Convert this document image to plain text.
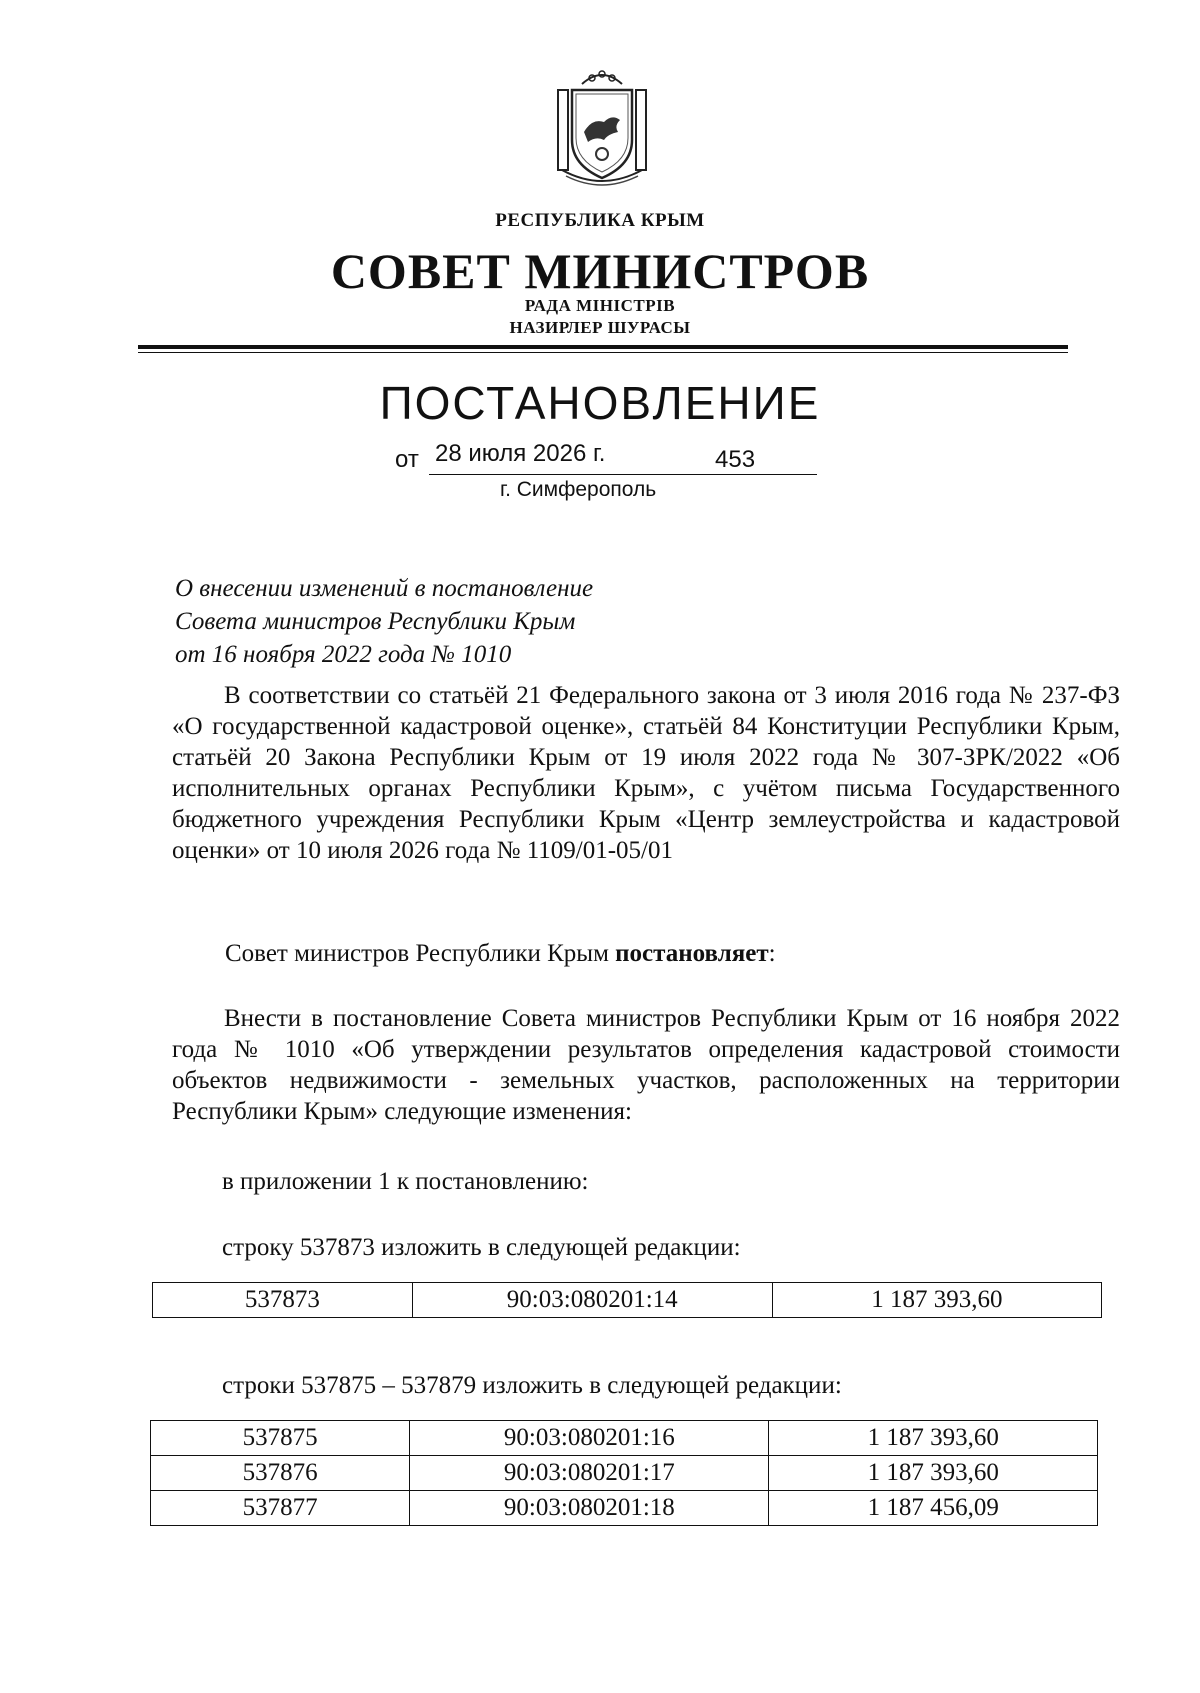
РЕСПУБЛИКА КРЫМ
СОВЕТ МИНИСТРОВ
РАДА МІНІСТРІВ
НАЗИРЛЕР ШУРАСЫ
ПОСТАНОВЛЕНИЕ
от 28 июля 2026 г.	453
г. Симферополь
О внесении изменений в постановление
Совета министров Республики Крым
от 16 ноября 2022 года № 1010
В соответствии со статьёй 21 Федерального закона от 3 июля 2016 года № 237-ФЗ «О государственной кадастровой оценке», статьёй 84 Конституции Республики Крым, статьёй 20 Закона Республики Крым от 19 июля 2022 года № 307-ЗРК/2022 «Об исполнительных органах Республики Крым», с учётом письма Государственного бюджетного учреждения Республики Крым «Центр землеустройства и кадастровой оценки» от 10 июля 2026 года № 1109/01-05/01
Совет министров Республики Крым постановляет:
Внести в постановление Совета министров Республики Крым от 16 ноября 2022 года № 1010 «Об утверждении результатов определения кадастровой стоимости объектов недвижимости - земельных участков, расположенных на территории Республики Крым» следующие изменения:
в приложении 1 к постановлению:
строку 537873 изложить в следующей редакции:
537873	90:03:080201:14	1 187 393,60
строки 537875 – 537879 изложить в следующей редакции:
537875	90:03:080201:16	1 187 393,60
537876	90:03:080201:17	1 187 393,60
537877	90:03:080201:18	1 187 456,09
